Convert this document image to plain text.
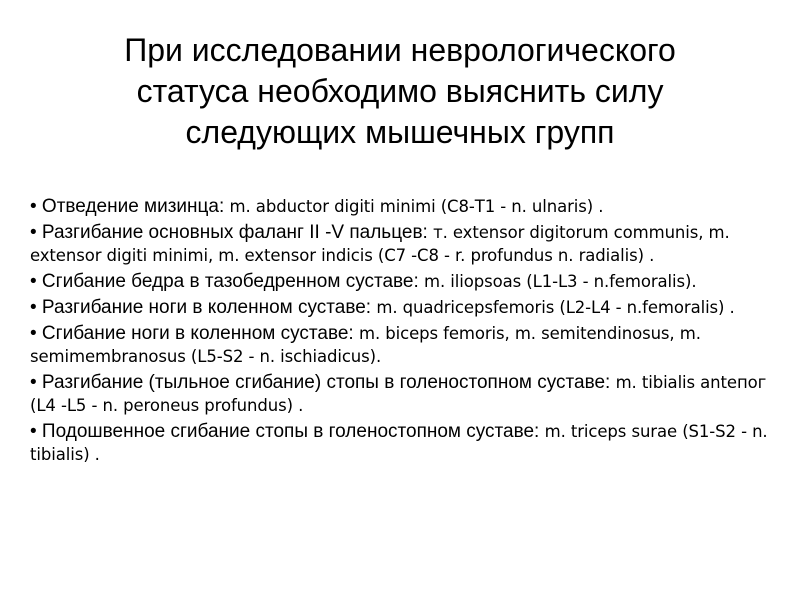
При исследовании неврологического
статуса необходимо выяснить силу
следующих мышечных групп
• Отведение мизинца: m. abductor digiti minimi (С8-Т1 - n. ulnaris) .
• Разгибание основных фаланг II -V пальцев: т. extensor digitorum communis, m. extensor digiti minimi, m. extensor indicis (С7 -С8 - r. profundus n. radialis) .
• Сгибание бедра в тазобедренном суставе: m. iliopsoas (L1-L3 - n.femoralis).
• Разгибание ноги в коленном суставе: m. quadricepsfemoris (L2-L4 - n.femoralis) .
• Сгибание ноги в коленном суставе: m. biceps femoris, m. semitendinosus, m. semimembranosus (L5-S2 - n. ischiadicus).
• Разгибание (тыльное сгибание) стопы в голеностопном суставе: m. tibialis antепог (L4 -L5 - n. peroneus profundus) .
• Подошвенное сгибание стопы в голеностопном суставе: m. triceps surae (S1-S2 - n. tibialis) .
